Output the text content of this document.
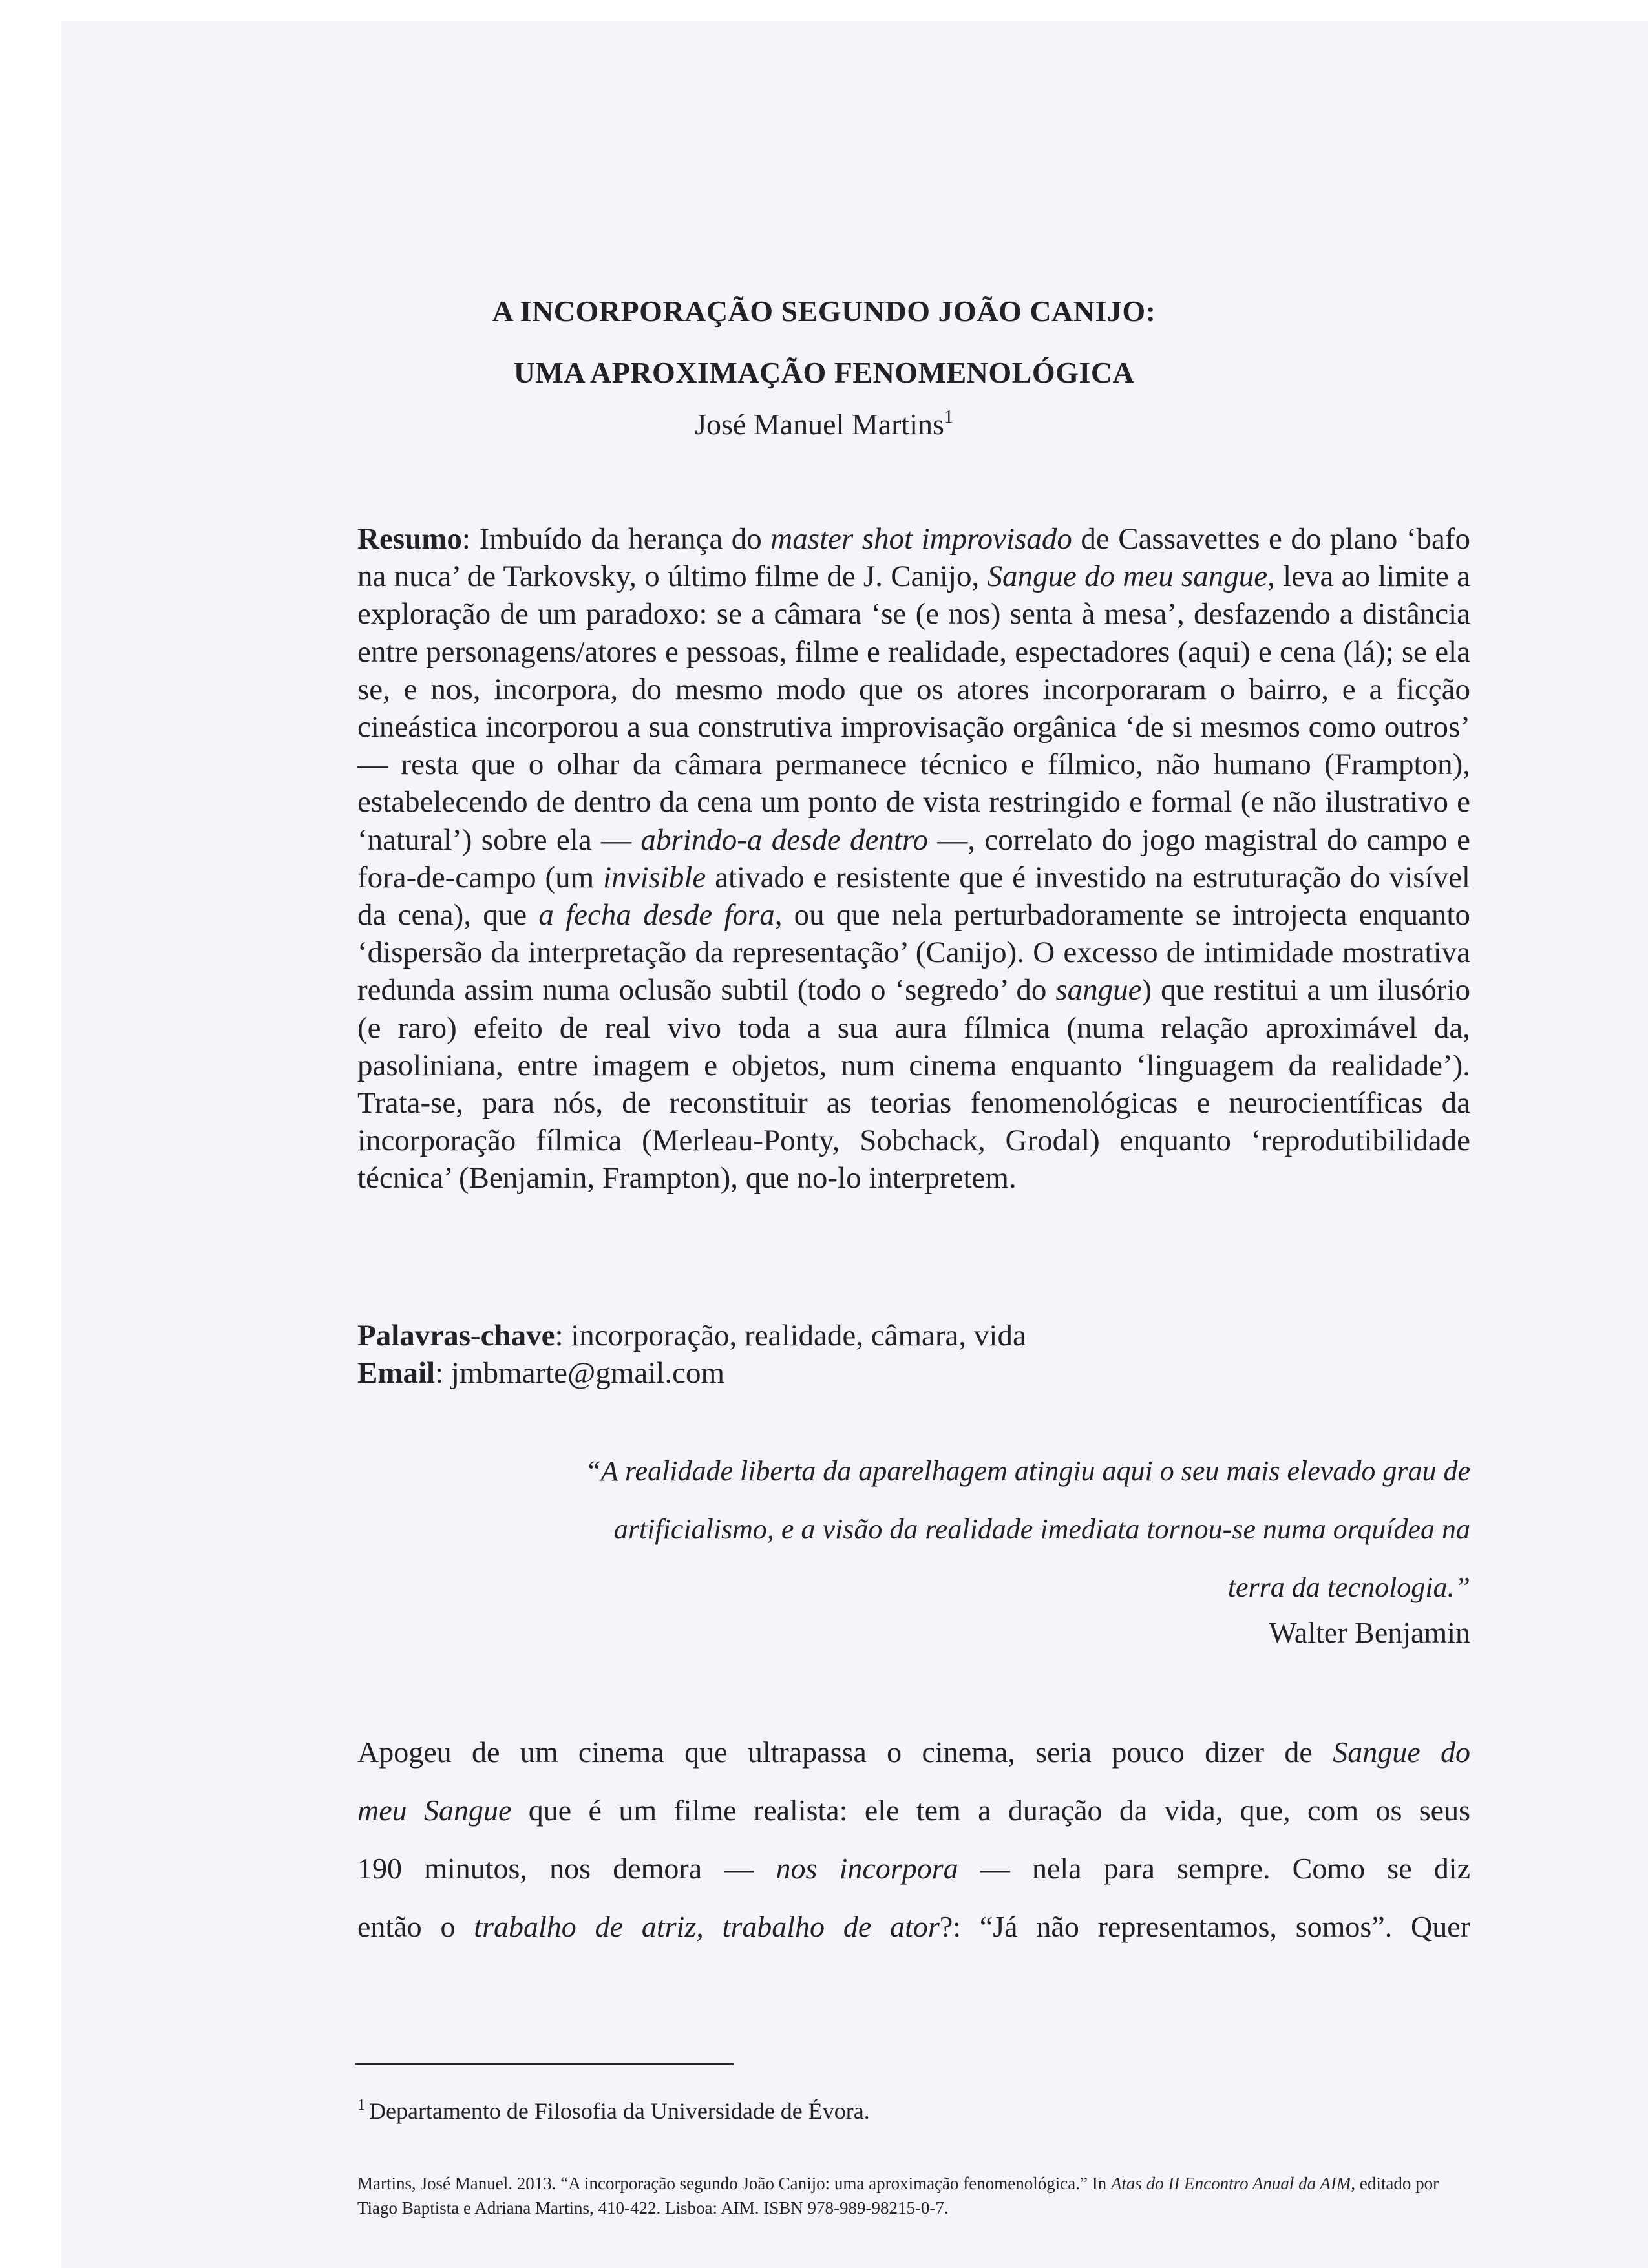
A INCORPORAÇÃO SEGUNDO JOÃO CANIJO:
UMA APROXIMAÇÃO FENOMENOLÓGICA
José Manuel Martins$^1$
Resumo: Imbuído da herança do master shot improvisado de Cassavettes e do plano ‘bafo na nuca’ de Tarkovsky, o último filme de J. Canijo, Sangue do meu sangue, leva ao limite a exploração de um paradoxo: se a câmara ‘se (e nos) senta à mesa’, desfazendo a distância entre personagens/atores e pessoas, filme e realidade, espectadores (aqui) e cena (lá); se ela se, e nos, incorpora, do mesmo modo que os atores incorporaram o bairro, e a ficção cineástica incorporou a sua construtiva improvisação orgânica ‘de si mesmos como outros’ — resta que o olhar da câmara permanece técnico e fílmico, não humano (Frampton), estabelecendo de dentro da cena um ponto de vista restringido e formal (e não ilustrativo e ‘natural’) sobre ela — abrindo-a desde dentro —, correlato do jogo magistral do campo e fora-de-campo (um invisible ativado e resistente que é investido na estruturação do visível da cena), que a fecha desde fora, ou que nela perturbadoramente se introjecta enquanto ‘dispersão da interpretação da representação’ (Canijo). O excesso de intimidade mostrativa redunda assim numa oclusão subtil (todo o ‘segredo’ do sangue) que restitui a um ilusório (e raro) efeito de real vivo toda a sua aura fílmica (numa relação aproximável da, pasoliniana, entre imagem e objetos, num cinema enquanto ‘linguagem da realidade’). Trata-se, para nós, de reconstituir as teorias fenomenológicas e neurocientíficas da incorporação fílmica (Merleau-Ponty, Sobchack, Grodal) enquanto ‘reprodutibilidade técnica’ (Benjamin, Frampton), que no-lo interpretem.
Palavras-chave: incorporação, realidade, câmara, vida
Email: jmbmarte@gmail.com
“A realidade liberta da aparelhagem atingiu aqui o seu mais elevado grau de
artificialismo, e a visão da realidade imediata tornou-se numa orquídea na
terra da tecnologia.”
Walter Benjamin
Apogeu de um cinema que ultrapassa o cinema, seria pouco dizer de Sangue do
meu Sangue que é um filme realista: ele tem a duração da vida, que, com os seus
190 minutos, nos demora — nos incorpora — nela para sempre. Como se diz
então o trabalho de atriz, trabalho de ator?: “Já não representamos, somos”. Quer
$^1$ Departamento de Filosofia da Universidade de Évora.
Martins, José Manuel. 2013. “A incorporação segundo João Canijo: uma aproximação fenomenológica.” In Atas do II Encontro Anual da AIM, editado por Tiago Baptista e Adriana Martins, 410-422. Lisboa: AIM. ISBN 978-989-98215-0-7.
